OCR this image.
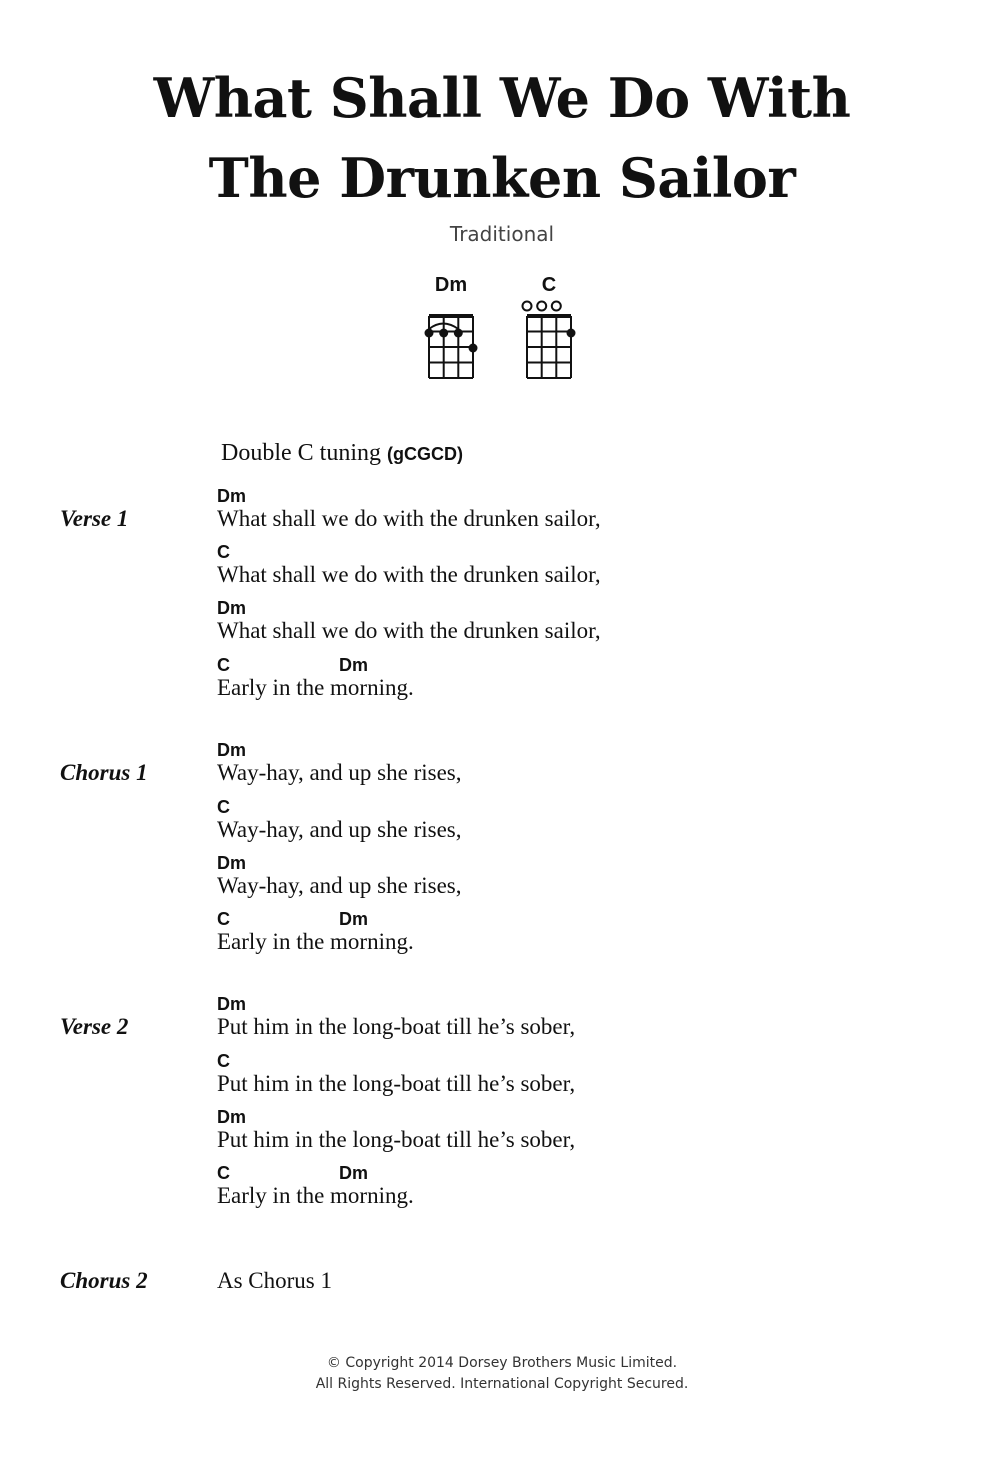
What Shall We Do With
The Drunken Sailor
Traditional
Dm	C
Double C tuning (gCGCD)
Verse 1
Dm
What shall we do with the drunken sailor,
C
What shall we do with the drunken sailor,
Dm
What shall we do with the drunken sailor,
C	Dm
Early in the morning.
Chorus 1
Dm
Way-hay, and up she rises,
C
Way-hay, and up she rises,
Dm
Way-hay, and up she rises,
C	Dm
Early in the morning.
Verse 2
Dm
Put him in the long-boat till he’s sober,
C
Put him in the long-boat till he’s sober,
Dm
Put him in the long-boat till he’s sober,
C	Dm
Early in the morning.
Chorus 2	As Chorus 1
© Copyright 2014 Dorsey Brothers Music Limited.
All Rights Reserved. International Copyright Secured.
